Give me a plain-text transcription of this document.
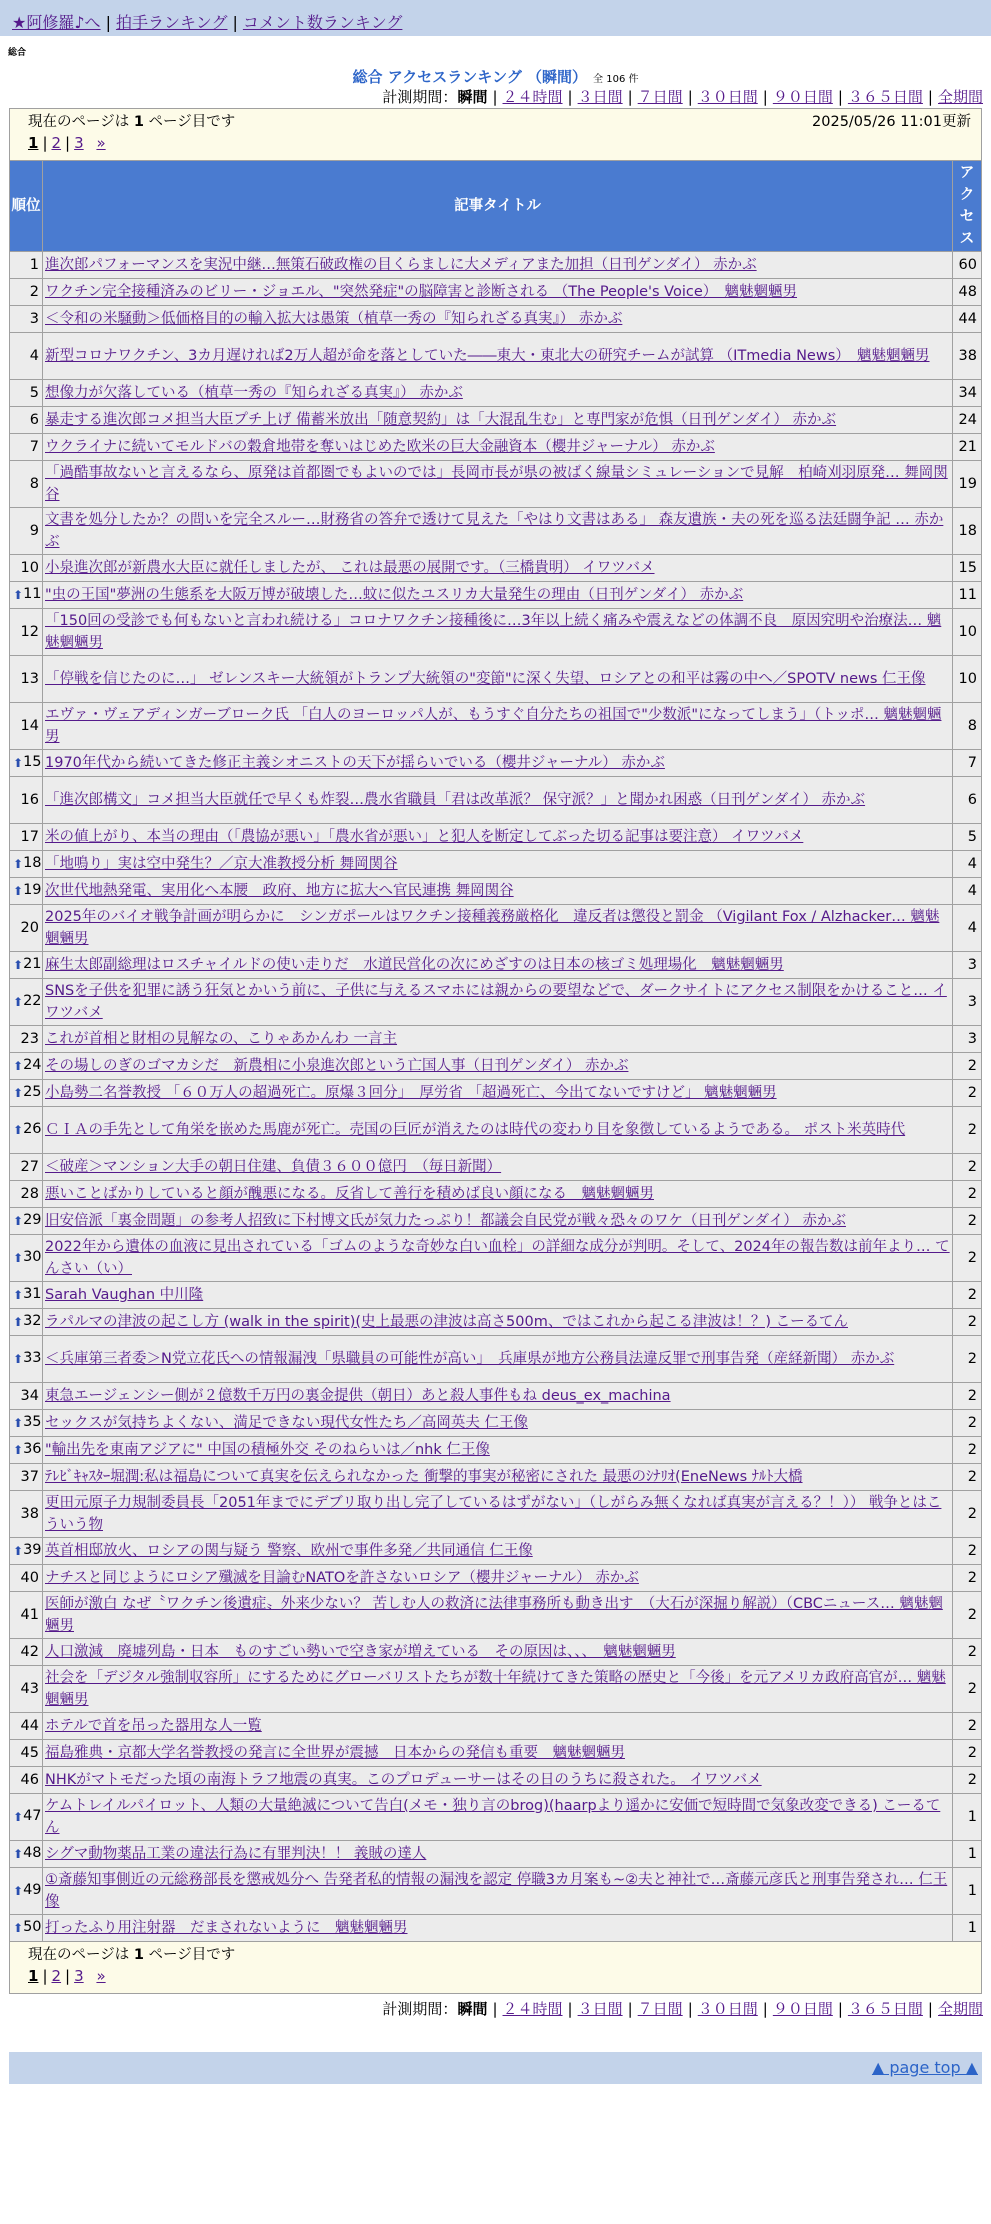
★阿修羅♪へ | 拍手ランキング | コメント数ランキング
総合
総合 アクセスランキング （瞬間） 全 106 件
計測期間：瞬間 | ２４時間 | ３日間 | ７日間 | ３０日間 | ９０日間 | ３６５日間 | 全期間
現在のページは 1 ページ目です 2025/05/26 11:01更新
1 | 2 | 3 »		

順位	記事タイトル	アクセス
1	進次郎パフォーマンスを実況中継…無策石破政権の目くらましに大メディアまた加担（日刊ゲンダイ） 赤かぶ	60
2	ワクチン完全接種済みのビリー・ジョエル、"突然発症"の脳障害と診断される （The People's Voice）　魑魅魍魎男	48
3	＜令和の米騒動＞低価格目的の輸入拡大は愚策（植草一秀の『知られざる真実』） 赤かぶ	44
4	新型コロナワクチン、3カ月遅ければ2万人超が命を落としていた――東大・東北大の研究チームが試算 （ITmedia News）　魑魅魍魎男	38
5	想像力が欠落している（植草一秀の『知られざる真実』） 赤かぶ	34
6	暴走する進次郎コメ担当大臣プチ上げ 備蓄米放出「随意契約」は「大混乱生む」と専門家が危惧（日刊ゲンダイ） 赤かぶ	24
7	ウクライナに続いてモルドバの穀倉地帯を奪いはじめた欧米の巨大金融資本（櫻井ジャーナル） 赤かぶ	21
8	「過酷事故ないと言えるなら、原発は首都圏でもよいのでは」長岡市長が県の被ばく線量シミュレーションで見解　柏崎刈羽原発… 舞岡関谷	19
9	文書を処分したか？の問いを完全スルー…財務省の答弁で透けて見えた「やはり文書はある」 森友遺族・夫の死を巡る法廷闘争記 … 赤かぶ	18
10	小泉進次郎が新農水大臣に就任しましたが、 これは最悪の展開です。（三橋貴明） イワツバメ	15

⬆ 11	"虫の王国"夢洲の生態系を大阪万博が破壊した…蚊に似たユスリカ大量発生の理由（日刊ゲンダイ） 赤かぶ	11
12	「150回の受診でも何もないと言われ続ける」コロナワクチン接種後に…3年以上続く痛みや震えなどの体調不良　原因究明や治療法… 魑魅魍魎男	10
13	「停戦を信じたのに…」 ゼレンスキー大統領がトランプ大統領の"変節"に深く失望、ロシアとの和平は霧の中へ／SPOTV news 仁王像	10
14	エヴァ・ヴェアディンガーブローク氏 「白人のヨーロッパ人が、もうすぐ自分たちの祖国で"少数派"になってしまう」（トッポ… 魑魅魍魎男	8

⬆ 15	1970年代から続いてきた修正主義シオニストの天下が揺らいでいる（櫻井ジャーナル） 赤かぶ	7
16	「進次郎構文」コメ担当大臣就任で早くも炸裂…農水省職員「君は改革派？ 保守派？」と聞かれ困惑（日刊ゲンダイ） 赤かぶ	6
17	米の値上がり、本当の理由（「農協が悪い」「農水省が悪い」と犯人を断定してぶった切る記事は要注意） イワツバメ	5

⬆ 18	「地鳴り」実は空中発生？／京大准教授分析 舞岡関谷	4

⬆ 19	次世代地熱発電、実用化へ本腰　政府、地方に拡大へ官民連携 舞岡関谷	4
20	2025年のバイオ戦争計画が明らかに　シンガポールはワクチン接種義務厳格化　違反者は懲役と罰金 （Vigilant Fox / Alzhacker… 魑魅魍魎男	4

⬆ 21	麻生太郎副総理はロスチャイルドの使い走りだ　水道民営化の次にめざすのは日本の核ゴミ処理場化　魑魅魍魎男	3

⬆ 22	SNSを子供を犯罪に誘う狂気とかいう前に、子供に与えるスマホには親からの要望などで、ダークサイトにアクセス制限をかけること… イワツバメ	3
23	これが首相と財相の見解なの、こりゃあかんわ 一言主	3

⬆ 24	その場しのぎのゴマカシだ　新農相に小泉進次郎という亡国人事（日刊ゲンダイ） 赤かぶ	2

⬆ 25	小島勢二名誉教授 「６０万人の超過死亡。原爆３回分」　厚労省 「超過死亡、今出てないですけど」 魑魅魍魎男	2

⬆ 26	ＣＩＡの手先として角栄を嵌めた馬鹿が死亡。売国の巨匠が消えたのは時代の変わり目を象徴しているようである。 ポスト米英時代	2
27	＜破産＞マンション大手の朝日住建、負債３６００億円　（毎日新聞）	2
28	悪いことばかりしていると顔が醜悪になる。反省して善行を積めば良い顔になる　魑魅魍魎男	2

⬆ 29	旧安倍派「裏金問題」の参考人招致に下村博文氏が気力たっぷり！都議会自民党が戦々恐々のワケ（日刊ゲンダイ） 赤かぶ	2

⬆ 30	2022年から遺体の血液に見出されている「ゴムのような奇妙な白い血栓」の詳細な成分が判明。そして、2024年の報告数は前年より… てんさい（い）	2

⬆ 31	Sarah Vaughan 中川隆	2

⬆ 32	ラパルマの津波の起こし方 (walk in the spirit)(史上最悪の津波は高さ500m、ではこれから起こる津波は！？) こーるてん	2

⬆ 33	＜兵庫第三者委＞N党立花氏への情報漏洩「県職員の可能性が高い」　兵庫県が地方公務員法違反罪で刑事告発（産経新聞） 赤かぶ	2
34	東急エージェンシー側が２億数千万円の裏金提供（朝日）あと殺人事件もね deus_ex_machina	2

⬆ 35	セックスが気持ちよくない、満足できない現代女性たち／高岡英夫 仁王像	2

⬆ 36	"輸出先を東南アジアに" 中国の積極外交 そのねらいは／nhk 仁王像	2
37	ﾃﾚﾋﾞｷｬｽﾀｰ堀潤:私は福島について真実を伝えられなかった 衝撃的事実が秘密にされた 最悪のｼﾅﾘｵ(EneNews ﾅﾙﾄ大橋	2
38	更田元原子力規制委員長「2051年までにデブリ取り出し完了しているはずがない」（しがらみ無くなれば真実が言える？！）） 戦争とはこういう物	2

⬆ 39	英首相邸放火、ロシアの関与疑う 警察、欧州で事件多発／共同通信 仁王像	2
40	ナチスと同じようにロシア殲滅を目論むNATOを許さないロシア（櫻井ジャーナル） 赤かぶ	2
41	医師が激白 なぜ〝ワクチン後遺症〟外来少ない？ 苦しむ人の救済に法律事務所も動き出す　（大石が深掘り解説）（CBCニュース… 魑魅魍魎男	2
42	人口激減　廃墟列島・日本　ものすごい勢いで空き家が増えている　その原因は、、、　魑魅魍魎男	2
43	社会を「デジタル強制収容所」にするためにグローバリストたちが数十年続けてきた策略の歴史と「今後」を元アメリカ政府高官が… 魑魅魍魎男	2
44	ホテルで首を吊った器用な人一覧	2
45	福島雅典・京都大学名誉教授の発言に全世界が震撼　日本からの発信も重要　魑魅魍魎男	2
46	NHKがマトモだった頃の南海トラフ地震の真実。このプロデューサーはその日のうちに殺された。 イワツバメ	2

⬆ 47	ケムトレイルパイロット、人類の大量絶滅について告白(メモ・独り言のbrog)(haarpより遥かに安価で短時間で気象改変できる) こーるてん	1

⬆ 48	シグマ動物薬品工業の違法行為に有罪判決！！ 義賊の達人	1

⬆ 49	①斎藤知事側近の元総務部長を懲戒処分へ 告発者私的情報の漏洩を認定 停職3カ月案も~②夫と神社で…斎藤元彦氏と刑事告発され… 仁王像	1

⬆ 50	打ったふり用注射器　だまされないように　魑魅魍魎男	1

現在のページは 1 ページ目です
1 | 2 | 3 »		
計測期間：瞬間 | ２４時間 | ３日間 | ７日間 | ３０日間 | ９０日間 | ３６５日間 | 全期間
▲ page top ▲
